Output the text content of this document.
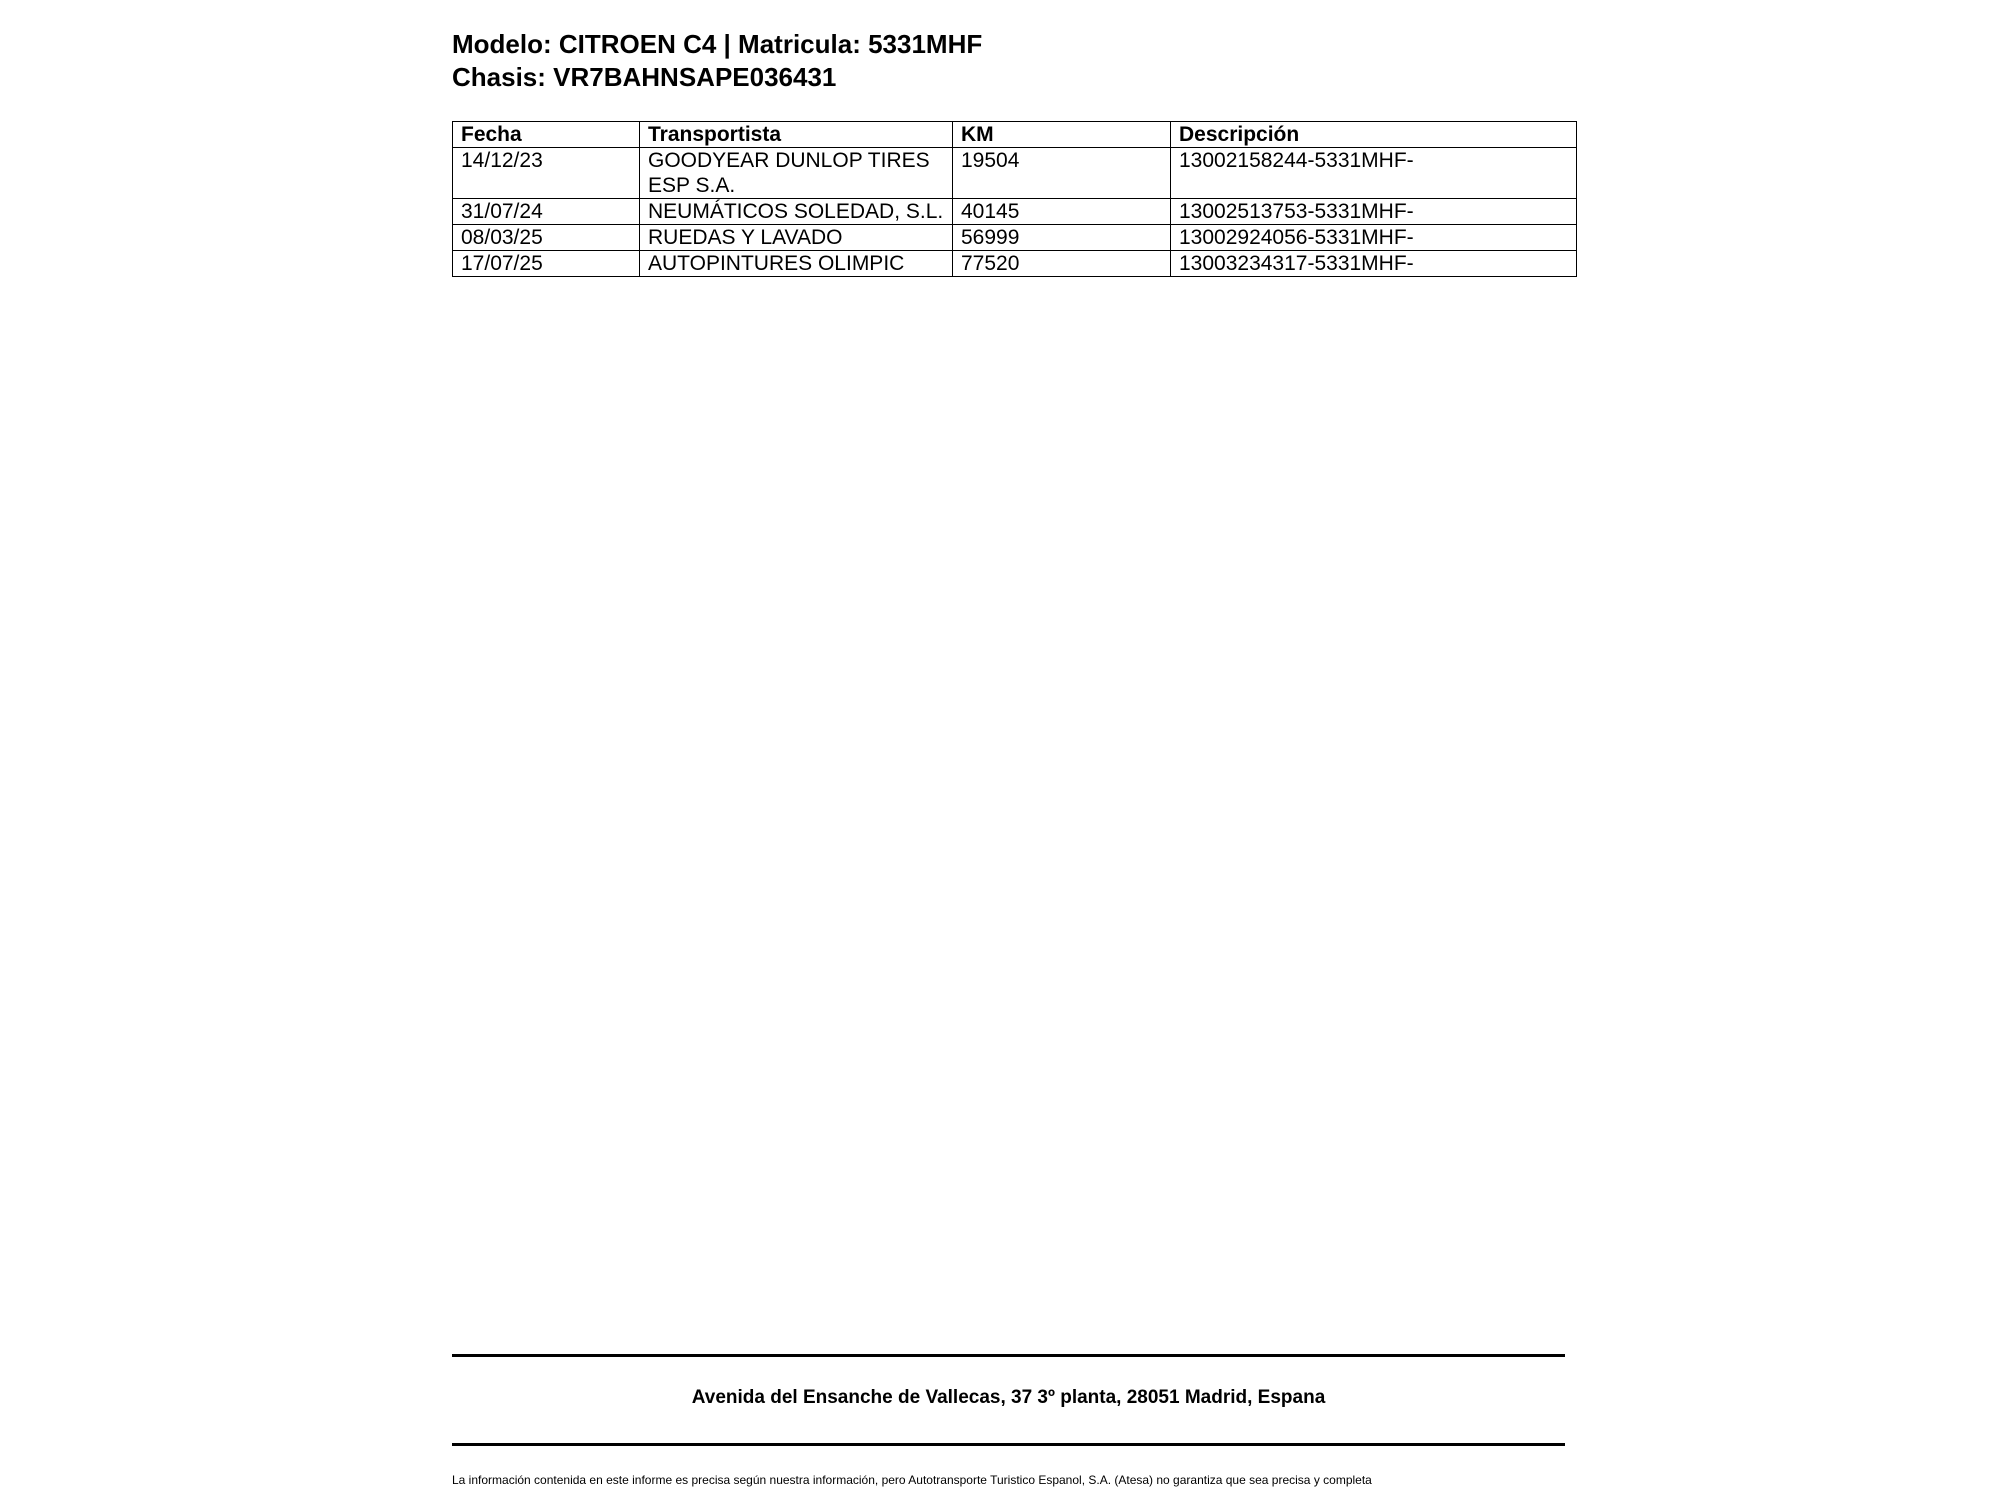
Modelo: CITROEN C4 | Matricula: 5331MHF
Chasis: VR7BAHNSAPE036431
Fecha	Transportista	KM	Descripción
14/12/23	GOODYEAR DUNLOP TIRES ESP S.A.	19504	13002158244-5331MHF-
31/07/24	NEUMÁTICOS SOLEDAD, S.L.	40145	13002513753-5331MHF-
08/03/25	RUEDAS Y LAVADO	56999	13002924056-5331MHF-
17/07/25	AUTOPINTURES OLIMPIC	77520	13003234317-5331MHF-
Avenida del Ensanche de Vallecas, 37 3º planta, 28051 Madrid, Espana
La información contenida en este informe es precisa según nuestra información, pero Autotransporte Turistico Espanol, S.A. (Atesa) no garantiza que sea precisa y completa
